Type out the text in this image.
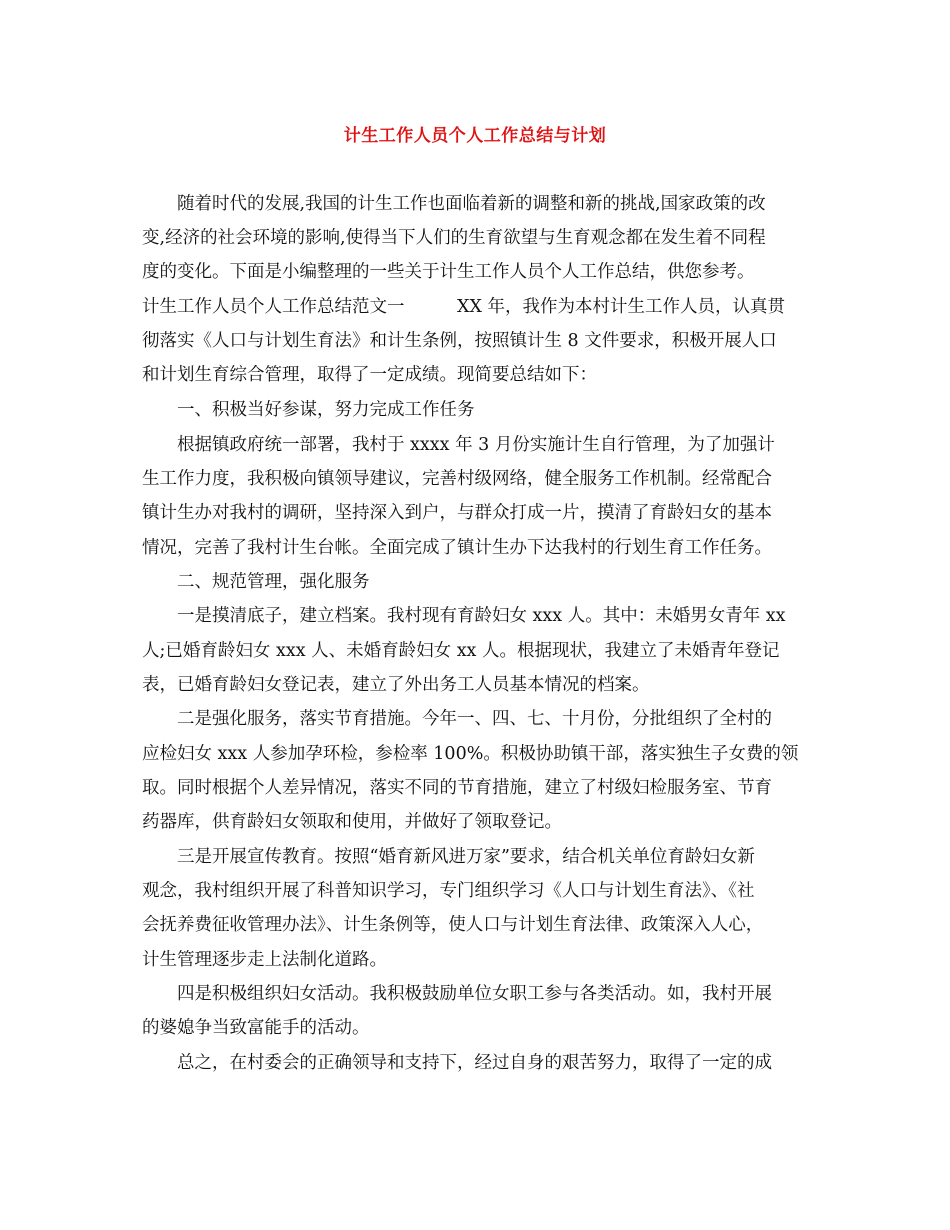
计生工作人员个人工作总结与计划
　　随着时代的发展,我国的计生工作也面临着新的调整和新的挑战,国家政策的改
变,经济的社会环境的影响,使得当下人们的生育欲望与生育观念都在发生着不同程
度的变化。下面是小编整理的一些关于计生工作人员个人工作总结，供您参考。
计生工作人员个人工作总结范文一　　　XX 年，我作为本村计生工作人员，认真贯
彻落实《人口与计划生育法》和计生条例，按照镇计生 8 文件要求，积极开展人口
和计划生育综合管理，取得了一定成绩。现简要总结如下：
　　一、积极当好参谋，努力完成工作任务
　　根据镇政府统一部署，我村于 xxxx 年 3 月份实施计生自行管理，为了加强计
生工作力度，我积极向镇领导建议，完善村级网络，健全服务工作机制。经常配合
镇计生办对我村的调研，坚持深入到户，与群众打成一片，摸清了育龄妇女的基本
情况，完善了我村计生台帐。全面完成了镇计生办下达我村的行划生育工作任务。
　　二、规范管理，强化服务
　　一是摸清底子，建立档案。我村现有育龄妇女 xxx 人。其中：未婚男女青年 xx
人;已婚育龄妇女 xxx 人、未婚育龄妇女 xx 人。根据现状，我建立了未婚青年登记
表，已婚育龄妇女登记表，建立了外出务工人员基本情况的档案。
　　二是强化服务，落实节育措施。今年一、四、七、十月份，分批组织了全村的
应检妇女 xxx 人参加孕环检，参检率 100%。积极协助镇干部，落实独生子女费的领
取。同时根据个人差异情况，落实不同的节育措施，建立了村级妇检服务室、节育
药器库，供育龄妇女领取和使用，并做好了领取登记。
　　三是开展宣传教育。按照“婚育新风进万家”要求，结合机关单位育龄妇女新
观念，我村组织开展了科普知识学习，专门组织学习《人口与计划生育法》、《社
会抚养费征收管理办法》、计生条例等，使人口与计划生育法律、政策深入人心，
计生管理逐步走上法制化道路。
　　四是积极组织妇女活动。我积极鼓励单位女职工参与各类活动。如，我村开展
的婆媳争当致富能手的活动。
　　总之，在村委会的正确领导和支持下，经过自身的艰苦努力，取得了一定的成
